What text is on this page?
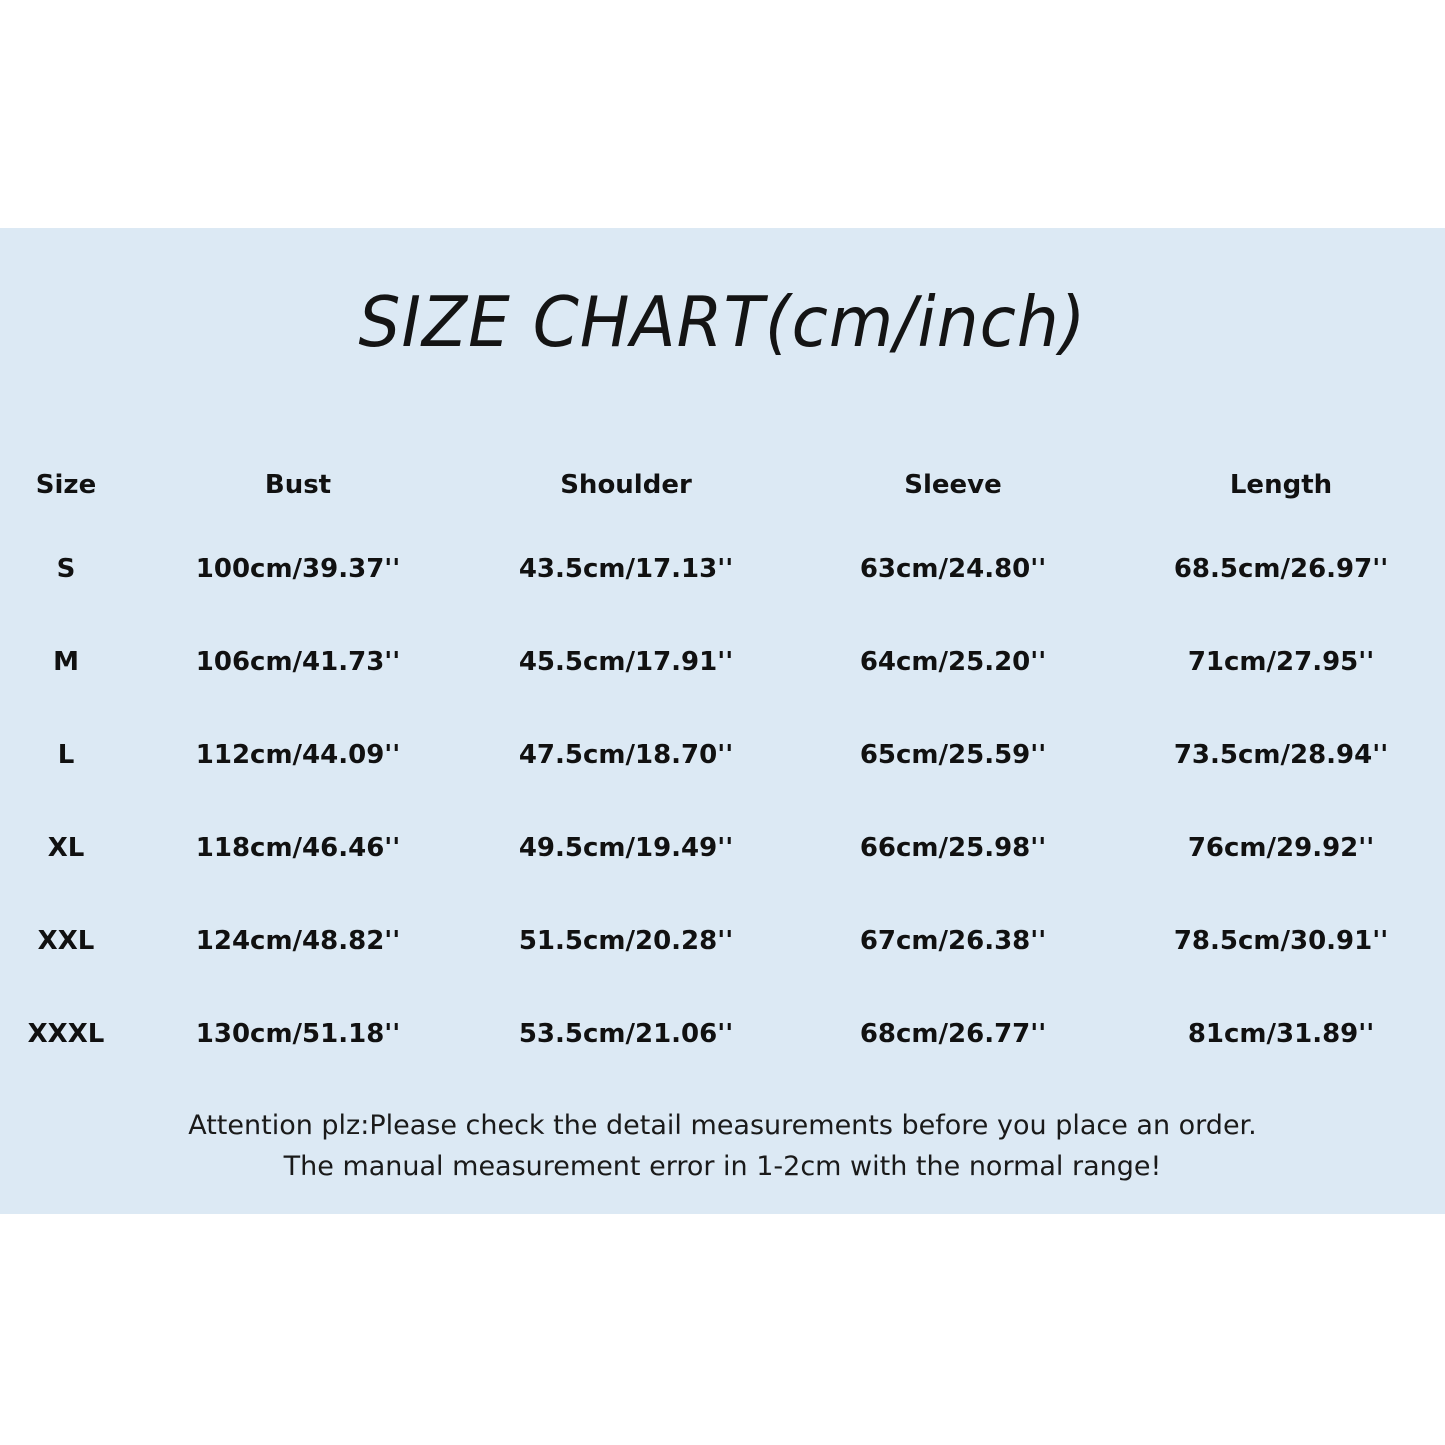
SIZE CHART(cm/inch)
Size	Bust	Shoulder	Sleeve	Length
S	100cm/39.37''	43.5cm/17.13''	63cm/24.80''	68.5cm/26.97''
M	106cm/41.73''	45.5cm/17.91''	64cm/25.20''	71cm/27.95''
L	112cm/44.09''	47.5cm/18.70''	65cm/25.59''	73.5cm/28.94''
XL	118cm/46.46''	49.5cm/19.49''	66cm/25.98''	76cm/29.92''
XXL	124cm/48.82''	51.5cm/20.28''	67cm/26.38''	78.5cm/30.91''
XXXL	130cm/51.18''	53.5cm/21.06''	68cm/26.77''	81cm/31.89''
Attention plz:Please check the detail measurements before you place an order.
The manual measurement error in 1-2cm with the normal range!
